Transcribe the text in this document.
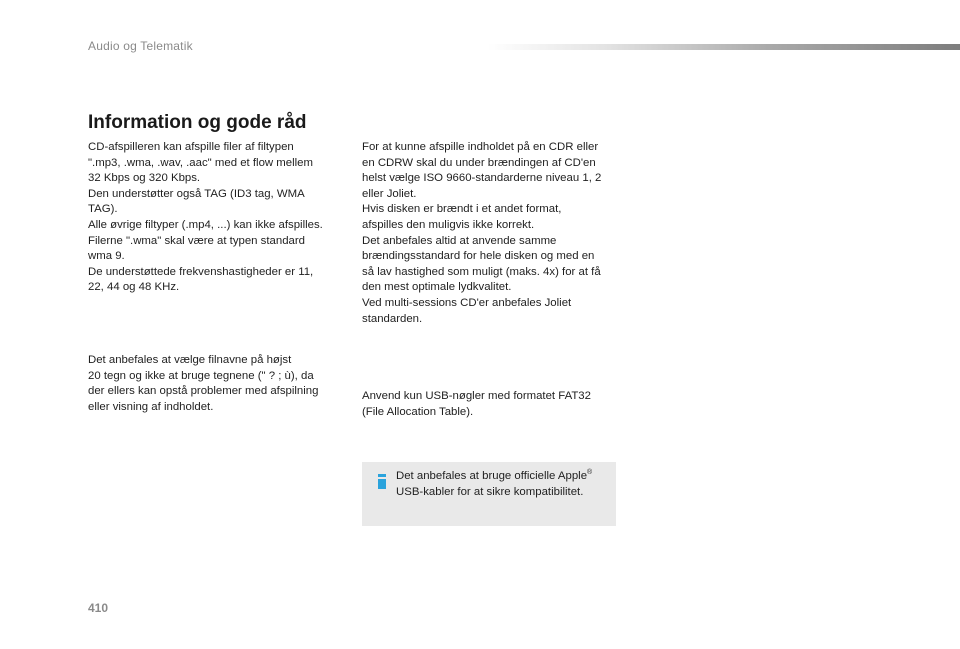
Audio og Telematik
Information og gode råd
CD-afspilleren kan afspille filer af filtypen
".mp3, .wma, .wav, .aac" med et flow mellem
32 Kbps og 320 Kbps.
Den understøtter også TAG (ID3 tag, WMA
TAG).
Alle øvrige filtyper (.mp4, ...) kan ikke afspilles.
Filerne ".wma" skal være at typen standard
wma 9.
De understøttede frekvenshastigheder er 11,
22, 44 og 48 KHz.
Det anbefales at vælge filnavne på højst
20 tegn og ikke at bruge tegnene (" ? ; ù), da
der ellers kan opstå problemer med afspilning
eller visning af indholdet.
For at kunne afspille indholdet på en CDR eller
en CDRW skal du under brændingen af CD'en
helst vælge ISO 9660-standarderne niveau 1, 2
eller Joliet.
Hvis disken er brændt i et andet format,
afspilles den muligvis ikke korrekt.
Det anbefales altid at anvende samme
brændingsstandard for hele disken og med en
så lav hastighed som muligt (maks. 4x) for at få
den mest optimale lydkvalitet.
Ved multi-sessions CD'er anbefales Joliet
standarden.
Anvend kun USB-nøgler med formatet FAT32
(File Allocation Table).
Det anbefales at bruge officielle Apple®
USB-kabler for at sikre kompatibilitet.
410
